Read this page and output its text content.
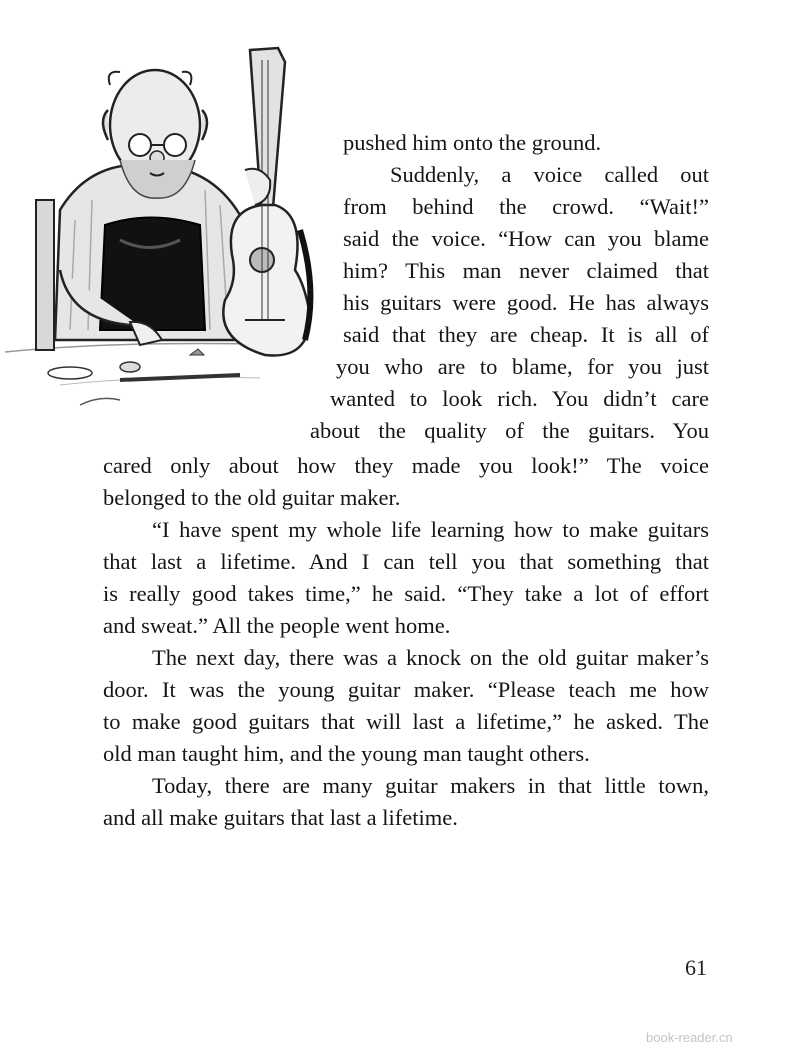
pushed him onto the ground.
Suddenly, a voice called out
from behind the crowd. “Wait!”
said the voice. “How can you blame
him? This man never claimed that
his guitars were good. He has always
said that they are cheap. It is all of
you who are to blame, for you just
wanted to look rich. You didn’t care
about the quality of the guitars. You
cared only about how they made you look!” The voice
belonged to the old guitar maker.
“I have spent my whole life learning how to make guitars
that last a lifetime. And I can tell you that something that
is really good takes time,” he said. “They take a lot of effort
and sweat.” All the people went home.
The next day, there was a knock on the old guitar maker’s
door. It was the young guitar maker. “Please teach me how
to make good guitars that will last a lifetime,” he asked. The
old man taught him, and the young man taught others.
Today, there are many guitar makers in that little town,
and all make guitars that last a lifetime.
61
book-reader.cn
